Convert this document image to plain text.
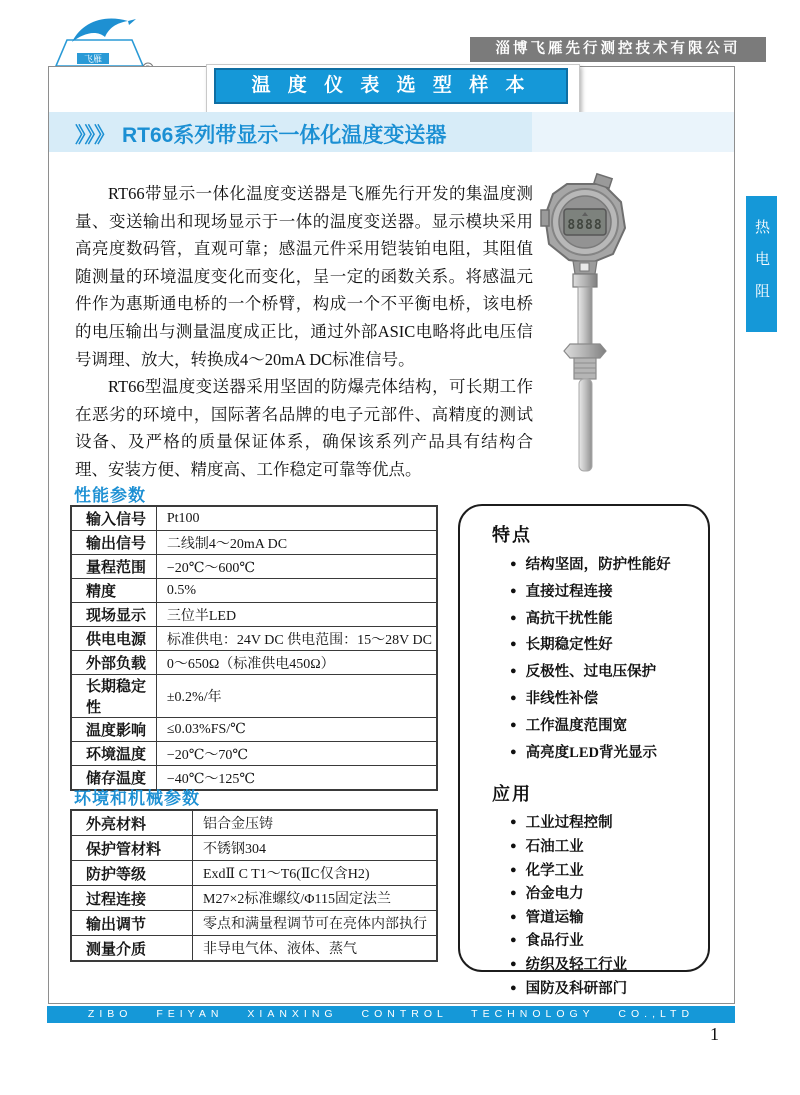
飞雁
淄博飞雁先行测控技术有限公司
温 度 仪 表 选 型 样 本
》》》 RT66系列带显示一体化温度变送器

RT66带显示一体化温度变送器是飞雁先行开发的集温度测量、变送输出和现场显示于一体的温度变送器。显示模块采用高亮度数码管，直观可靠；感温元件采用铠装铂电阻，其阻值随测量的环境温度变化而变化，呈一定的函数关系。将感温元件作为惠斯通电桥的一个桥臂，构成一个不平衡电桥，该电桥的电压输出与测量温度成正比，通过外部ASIC电略将此电压信号调理、放大，转换成4～20mA DC标准信号。

RT66型温度变送器采用坚固的防爆壳体结构，可长期工作在恶劣的环境中，国际著名品牌的电子元部件、高精度的测试设备、及严格的质量保证体系，确保该系列产品具有结构合理、安装方便、精度高、工作稳定可靠等优点。

8888	热电阻
性能参数
输入信号	Pt100
输出信号	二线制4～20mA DC
量程范围	−20℃～600℃
精度	0.5%
现场显示	三位半LED
供电电源	标准供电：24V DC 供电范围：15～28V DC
外部负载	0～650Ω（标准供电450Ω）
长期稳定性	±0.2%/年
温度影响	≤0.03%FS/℃
环境温度	−20℃～70℃
储存温度	−40℃～125℃
环境和机械参数
外亮材料	铝合金压铸
保护管材料	不锈钢304
防护等级	ExdⅡ C T1～T6(ⅡC仅含H2)
过程连接	M27×2标准螺纹/Φ115固定法兰
输出调节	零点和满量程调节可在亮体内部执行
测量介质	非导电气体、液体、蒸气
特点
● 结构坚固，防护性能好
● 直接过程连接
● 高抗干扰性能
● 长期稳定性好
● 反极性、过电压保护
● 非线性补偿
● 工作温度范围宽
● 高亮度LED背光显示
应用
● 工业过程控制
● 石油工业
● 化学工业
● 冶金电力
● 管道运输
● 食品行业
● 纺织及轻工行业
● 国防及科研部门
ZIBO FEIYAN XIANXING CONTROL TECHNOLOGY CO.,LTD
1
